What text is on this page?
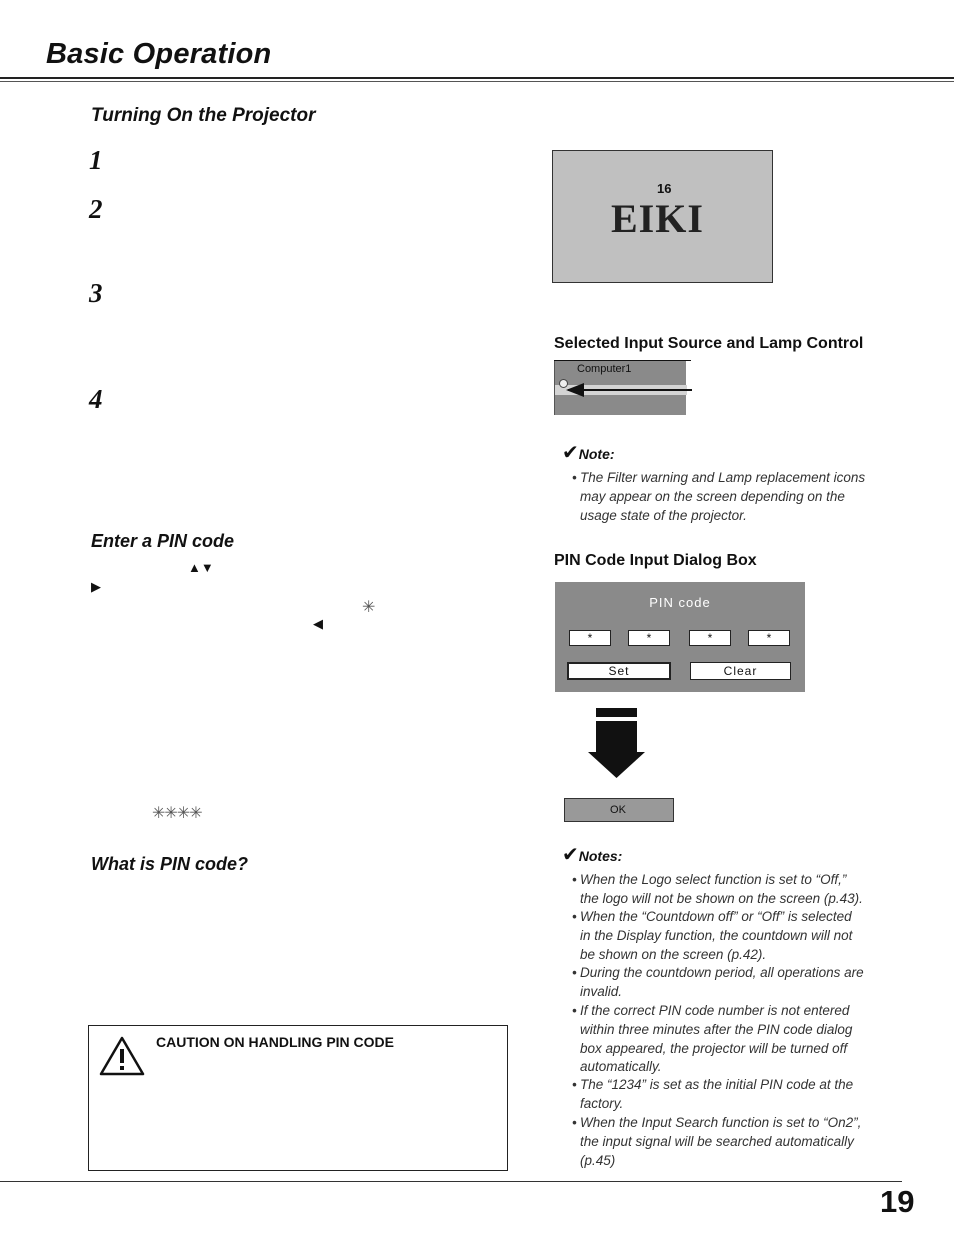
Basic Operation
Turning On the Projector
1
2
3
4
16
EIKI
Selected Input Source and Lamp Control
Computer1
✔Note:
• The Filter warning and Lamp replacement icons
may appear on the screen depending on the
usage state of the projector.
Enter a PIN code
▲▼
▶
✳
◀
✳✳✳✳
PIN Code Input Dialog Box
PIN code
*	*	*	*
Set	Clear
OK
What is PIN code?	✔Notes:
• When the Logo select function is set to “Off,”
the logo will not be shown on the screen (p.43).
• When the “Countdown off” or “Off” is selected
in the Display function, the countdown will not
be shown on the screen (p.42).
• During the countdown period, all operations are
invalid.
• If the correct PIN code number is not entered
within three minutes after the PIN code dialog
box appeared, the projector will be turned off
automatically.
• The “1234” is set as the initial PIN code at the
factory.
• When the Input Search function is set to “On2”,
the input signal will be searched automatically
(p.45)
CAUTION ON HANDLING PIN CODE
19
